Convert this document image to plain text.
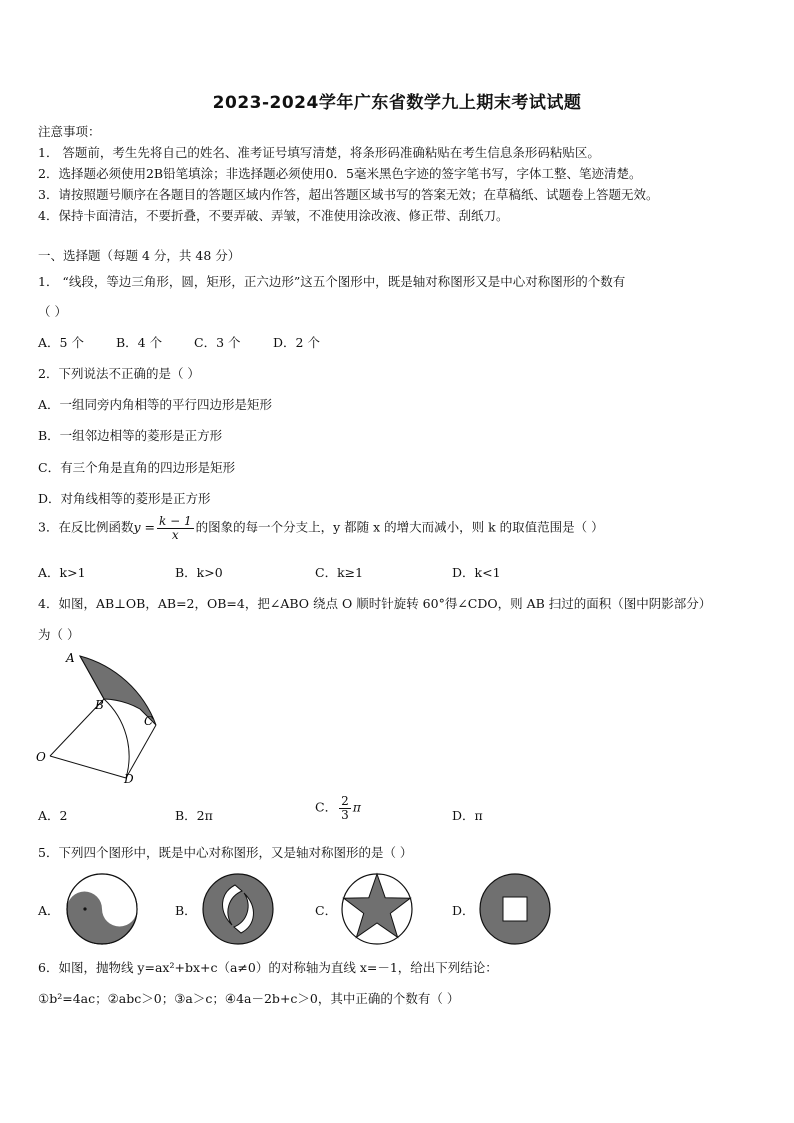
2023-2024学年广东省数学九上期末考试试题
注意事项：
1． 答题前，考生先将自己的姓名、准考证号填写清楚，将条形码准确粘贴在考生信息条形码粘贴区。
2．选择题必须使用2B铅笔填涂；非选择题必须使用0．5毫米黑色字迹的签字笔书写，字体工整、笔迹清楚。
3．请按照题号顺序在各题目的答题区域内作答，超出答题区域书写的答案无效；在草稿纸、试题卷上答题无效。
4．保持卡面清洁，不要折叠，不要弄破、弄皱，不准使用涂改液、修正带、刮纸刀。
一、选择题（每题 4 分，共 48 分）
1． “线段，等边三角形，圆，矩形，正六边形”这五个图形中，既是轴对称图形又是中心对称图形的个数有
（ ）
A．5 个	B．4 个	C．3 个	D．2 个
2．下列说法不正确的是（ ）
A．一组同旁内角相等的平行四边形是矩形
B．一组邻边相等的菱形是正方形
C．有三个角是直角的四边形是矩形
D．对角线相等的菱形是正方形
3．在反比例函数$y = \frac{k - 1}{x}$ 的图象的每一个分支上，y 都随 x 的增大而减小，则 k 的取值范围是（ ）
A．k>1	B．k>0	C．k≥1	D．k<1
4．如图，AB⊥OB，AB=2，OB=4，把∠ABO 绕点 O 顺时针旋转 60°得∠CDO，则 AB 扫过的面积（图中阴影部分）
为（ ）
A
B
C
O
D
A．2	B．2π
C． $\frac{2}{3}$ π
D．π
5．下列四个图形中，既是中心对称图形，又是轴对称图形的是（ ）
A．	B．	C．	D．
6．如图，抛物线 y=ax²+bx+c（a≠0）的对称轴为直线 x=－1，给出下列结论：
①b²=4ac；②abc＞0；③a＞c；④4a－2b+c＞0，其中正确的个数有（ ）
